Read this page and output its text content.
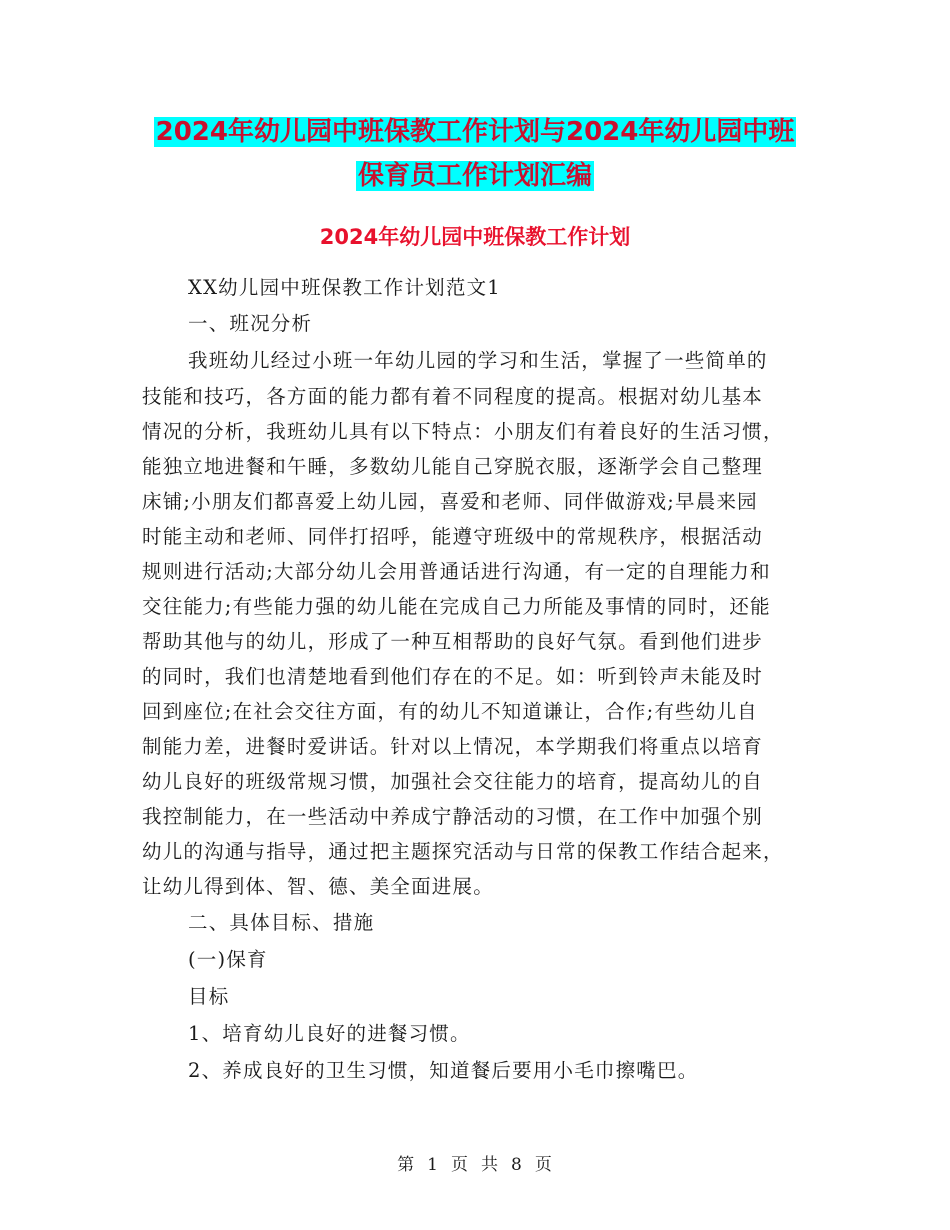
2024年幼儿园中班保教工作计划与2024年幼儿园中班
保育员工作计划汇编
2024年幼儿园中班保教工作计划
XX幼儿园中班保教工作计划范文1
一、班况分析
我班幼儿经过小班一年幼儿园的学习和生活，掌握了一些简单的
技能和技巧，各方面的能力都有着不同程度的提高。根据对幼儿基本
情况的分析，我班幼儿具有以下特点：小朋友们有着良好的生活习惯，
能独立地进餐和午睡，多数幼儿能自己穿脱衣服，逐渐学会自己整理
床铺;小朋友们都喜爱上幼儿园，喜爱和老师、同伴做游戏;早晨来园
时能主动和老师、同伴打招呼，能遵守班级中的常规秩序，根据活动
规则进行活动;大部分幼儿会用普通话进行沟通，有一定的自理能力和
交往能力;有些能力强的幼儿能在完成自己力所能及事情的同时，还能
帮助其他与的幼儿，形成了一种互相帮助的良好气氛。看到他们进步
的同时，我们也清楚地看到他们存在的不足。如：听到铃声未能及时
回到座位;在社会交往方面，有的幼儿不知道谦让，合作;有些幼儿自
制能力差，进餐时爱讲话。针对以上情况，本学期我们将重点以培育
幼儿良好的班级常规习惯，加强社会交往能力的培育，提高幼儿的自
我控制能力，在一些活动中养成宁静活动的习惯，在工作中加强个别
幼儿的沟通与指导，通过把主题探究活动与日常的保教工作结合起来，
让幼儿得到体、智、德、美全面进展。
二、具体目标、措施
(一)保育
目标
1、培育幼儿良好的进餐习惯。
2、养成良好的卫生习惯，知道餐后要用小毛巾擦嘴巴。
第 1 页 共 8 页
